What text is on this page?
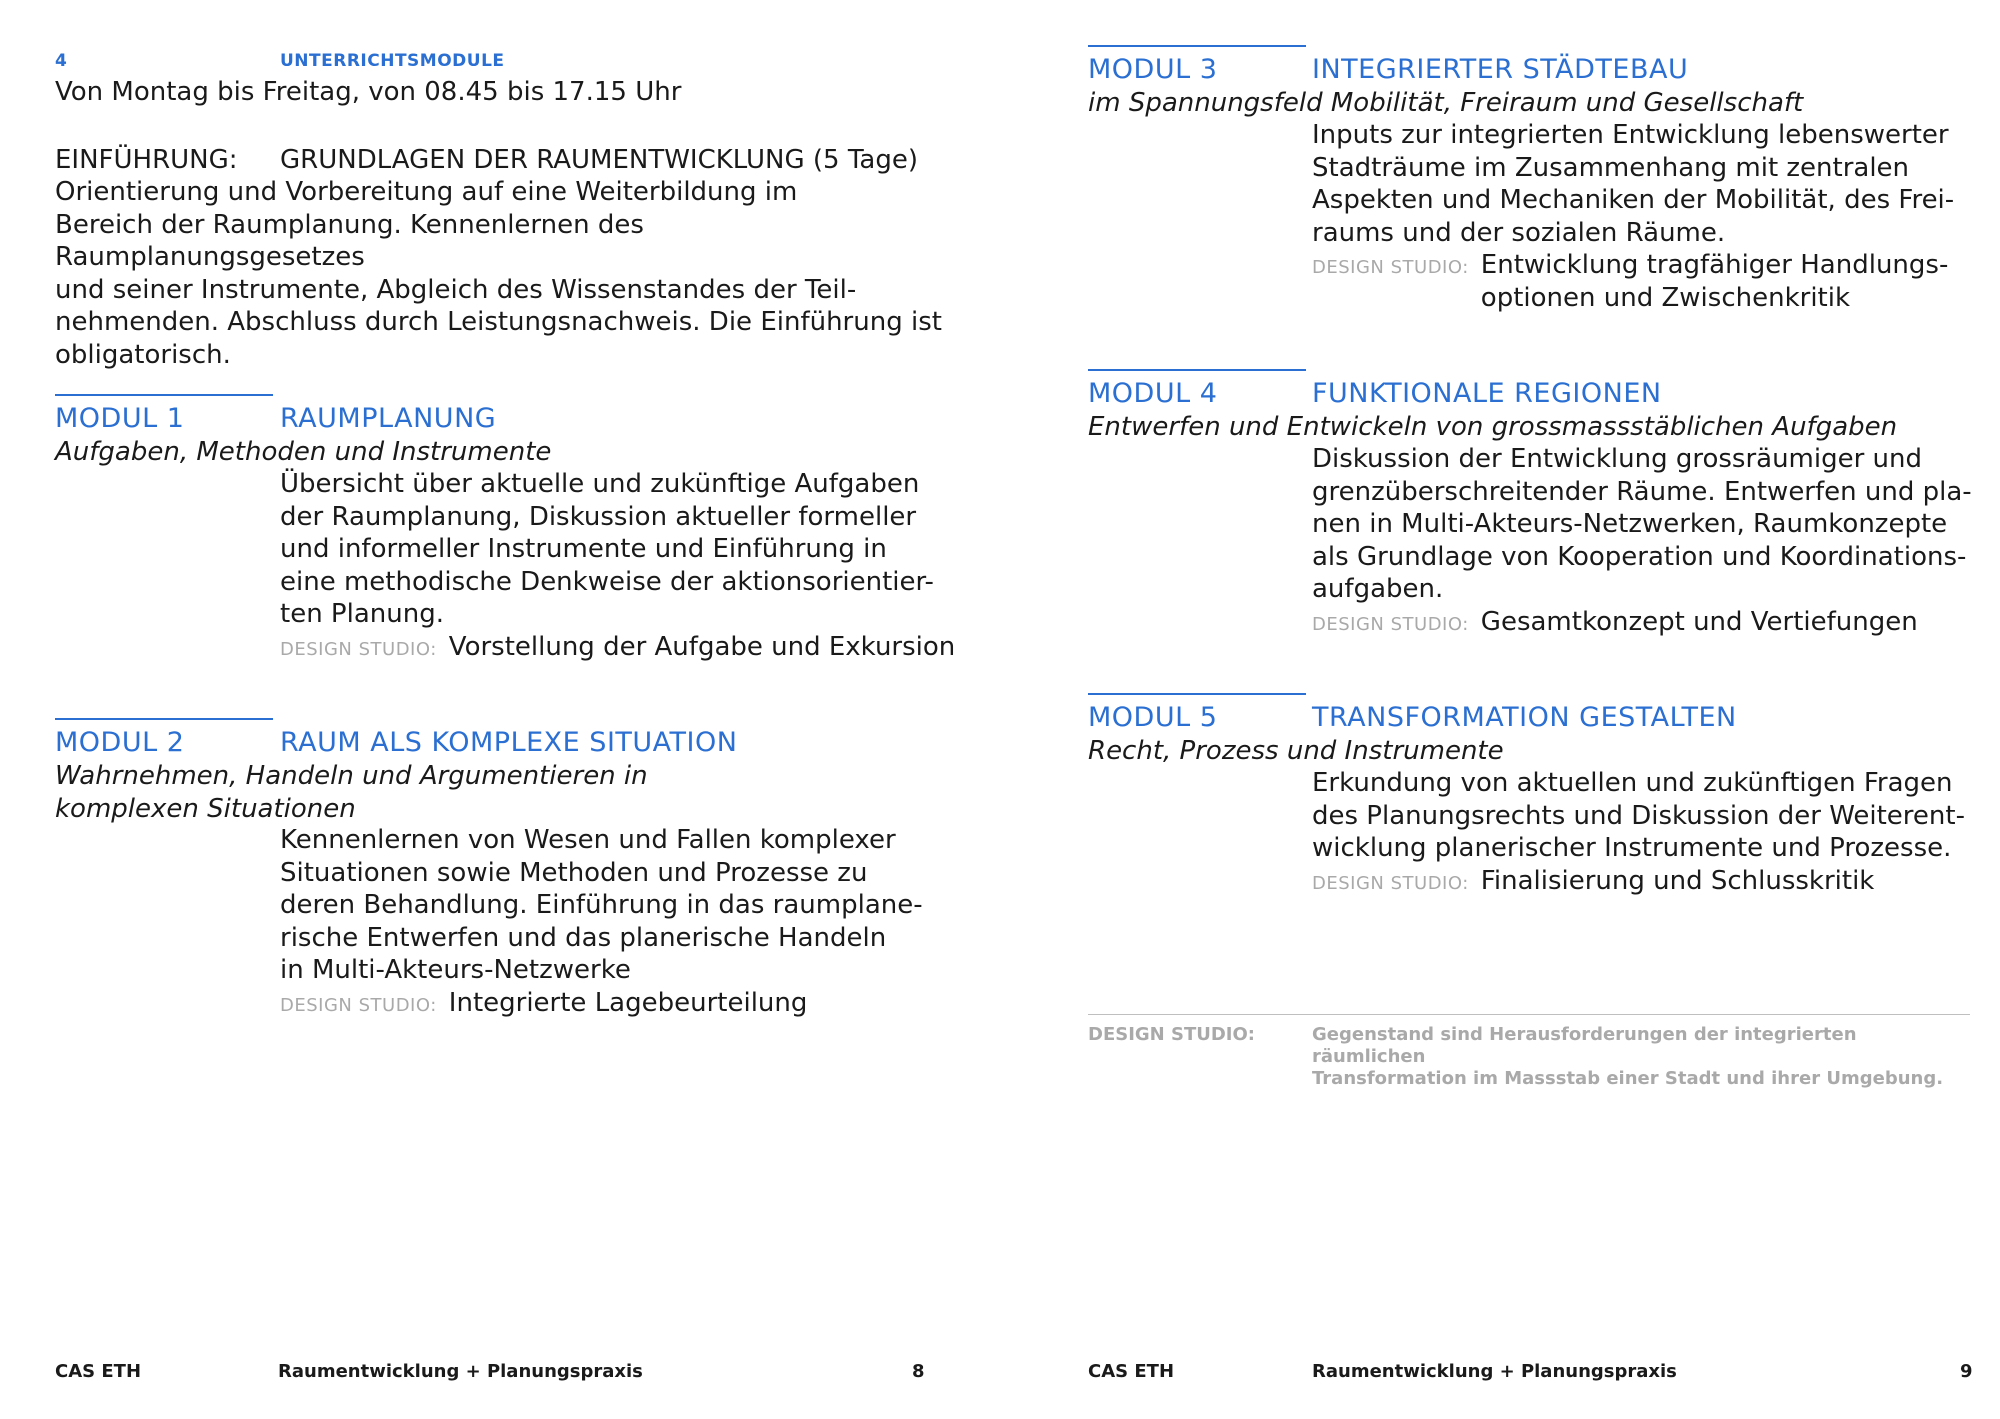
4	UNTERRICHTSMODULE
Von Montag bis Freitag, von 08.45 bis 17.15 Uhr
EINFÜHRUNG: GRUNDLAGEN DER RAUMENTWICKLUNG (5 Tage)
Orientierung und Vorbereitung auf eine Weiterbildung im
Bereich der Raumplanung. Kennenlernen des Raumplanungsgesetzes
und seiner Instrumente, Abgleich des Wissenstandes der Teil-
nehmenden. Abschluss durch Leistungsnachweis. Die Einführung ist
obligatorisch.
MODUL 1	RAUMPLANUNG
Aufgaben, Methoden und Instrumente
Übersicht über aktuelle und zukünftige Aufgaben
der Raumplanung, Diskussion aktueller formeller
und informeller Instrumente und Einführung in
eine methodische Denkweise der aktionsorientier-
ten Planung.
DESIGN STUDIO: Vorstellung der Aufgabe und Exkursion
MODUL 2	RAUM ALS KOMPLEXE SITUATION
Wahrnehmen, Handeln und Argumentieren in
komplexen Situationen
Kennenlernen von Wesen und Fallen komplexer
Situationen sowie Methoden und Prozesse zu
deren Behandlung. Einführung in das raumplane-
rische Entwerfen und das planerische Handeln
in Multi-Akteurs-Netzwerke
DESIGN STUDIO: Integrierte Lagebeurteilung
CAS ETH	Raumentwicklung + Planungspraxis	8
MODUL 3	INTEGRIERTER STÄDTEBAU
im Spannungsfeld Mobilität, Freiraum und Gesellschaft
Inputs zur integrierten Entwicklung lebenswerter
Stadträume im Zusammenhang mit zentralen
Aspekten und Mechaniken der Mobilität, des Frei-
raums und der sozialen Räume.
DESIGN STUDIO: Entwicklung tragfähiger Handlungs-
optionen und Zwischenkritik
MODUL 4	FUNKTIONALE REGIONEN
Entwerfen und Entwickeln von grossmassstäblichen Aufgaben
Diskussion der Entwicklung grossräumiger und
grenzüberschreitender Räume. Entwerfen und pla-
nen in Multi-Akteurs-Netzwerken, Raumkonzepte
als Grundlage von Kooperation und Koordinations-
aufgaben.
DESIGN STUDIO: Gesamtkonzept und Vertiefungen
MODUL 5	TRANSFORMATION GESTALTEN
Recht, Prozess und Instrumente
Erkundung von aktuellen und zukünftigen Fragen
des Planungsrechts und Diskussion der Weiterent-
wicklung planerischer Instrumente und Prozesse.
DESIGN STUDIO: Finalisierung und Schlusskritik
DESIGN STUDIO:	Gegenstand sind Herausforderungen der integrierten räumlichen
Transformation im Massstab einer Stadt und ihrer Umgebung.
CAS ETH	Raumentwicklung + Planungspraxis	9
